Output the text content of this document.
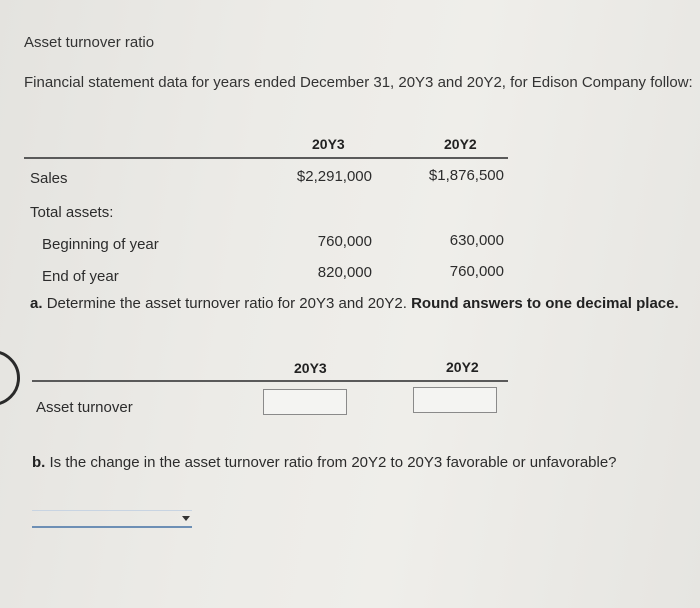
Asset turnover ratio
Financial statement data for years ended December 31, 20Y3 and 20Y2, for Edison Company follow:
20Y3	20Y2
Sales	$2,291,000	$1,876,500
Total assets:
Beginning of year	760,000	630,000
End of year	820,000	760,000
a. Determine the asset turnover ratio for 20Y3 and 20Y2. Round answers to one decimal place.
20Y3	20Y2
Asset turnover
b. Is the change in the asset turnover ratio from 20Y2 to 20Y3 favorable or unfavorable?
